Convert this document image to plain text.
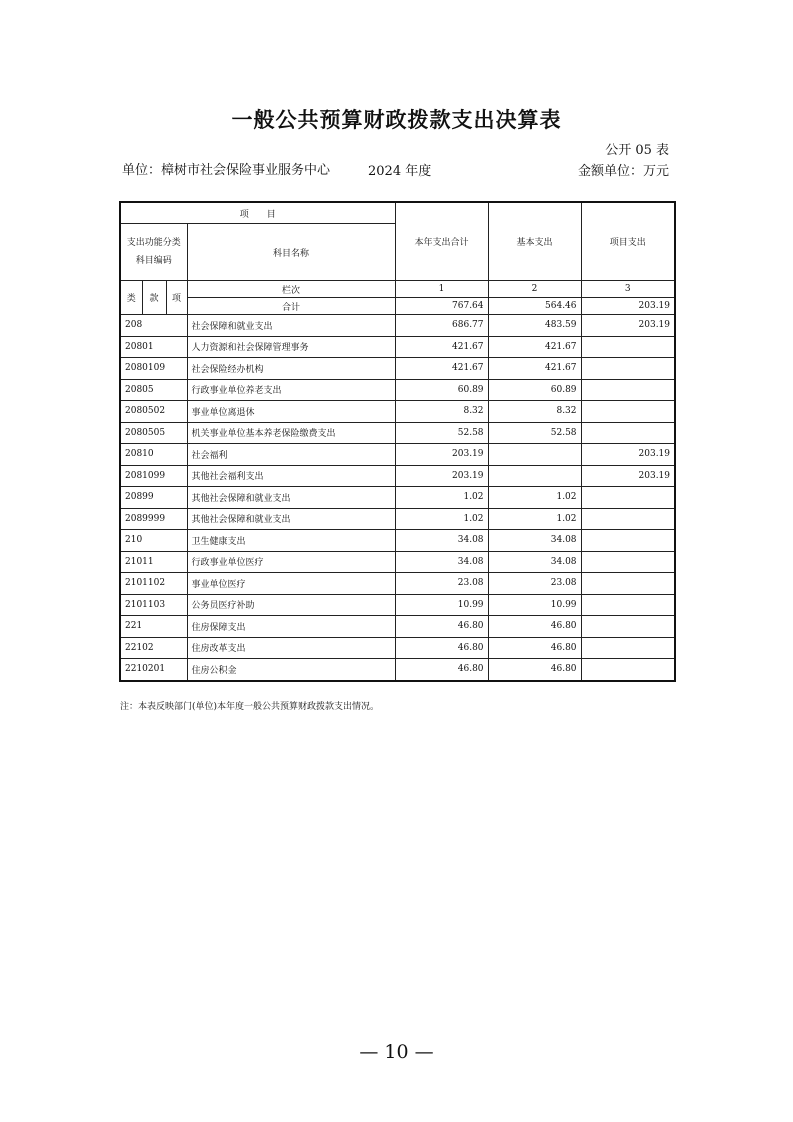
一般公共预算财政拨款支出决算表
公开 05 表
单位：樟树市社会保险事业服务中心	2024 年度	金额单位：万元
项　　目				本年支出合计	基本支出	项目支出
支出功能分类科目编码			科目名称			
类	款	项	栏次	1	2	3
			合计	767.64	564.46	203.19
208			社会保障和就业支出	686.77	483.59	203.19
20801			人力资源和社会保障管理事务	421.67	421.67	
2080109			社会保险经办机构	421.67	421.67	
20805			行政事业单位养老支出	60.89	60.89	
2080502			事业单位离退休	8.32	8.32	
2080505			机关事业单位基本养老保险缴费支出	52.58	52.58	
20810			社会福利	203.19		203.19
2081099			其他社会福利支出	203.19		203.19
20899			其他社会保障和就业支出	1.02	1.02	
2089999			其他社会保障和就业支出	1.02	1.02	
210			卫生健康支出	34.08	34.08	
21011			行政事业单位医疗	34.08	34.08	
2101102			事业单位医疗	23.08	23.08	
2101103			公务员医疗补助	10.99	10.99	
221			住房保障支出	46.80	46.80	
22102			住房改革支出	46.80	46.80	
2210201			住房公积金	46.80	46.80	
注：本表反映部门(单位)本年度一般公共预算财政拨款支出情况。
— 10 —
